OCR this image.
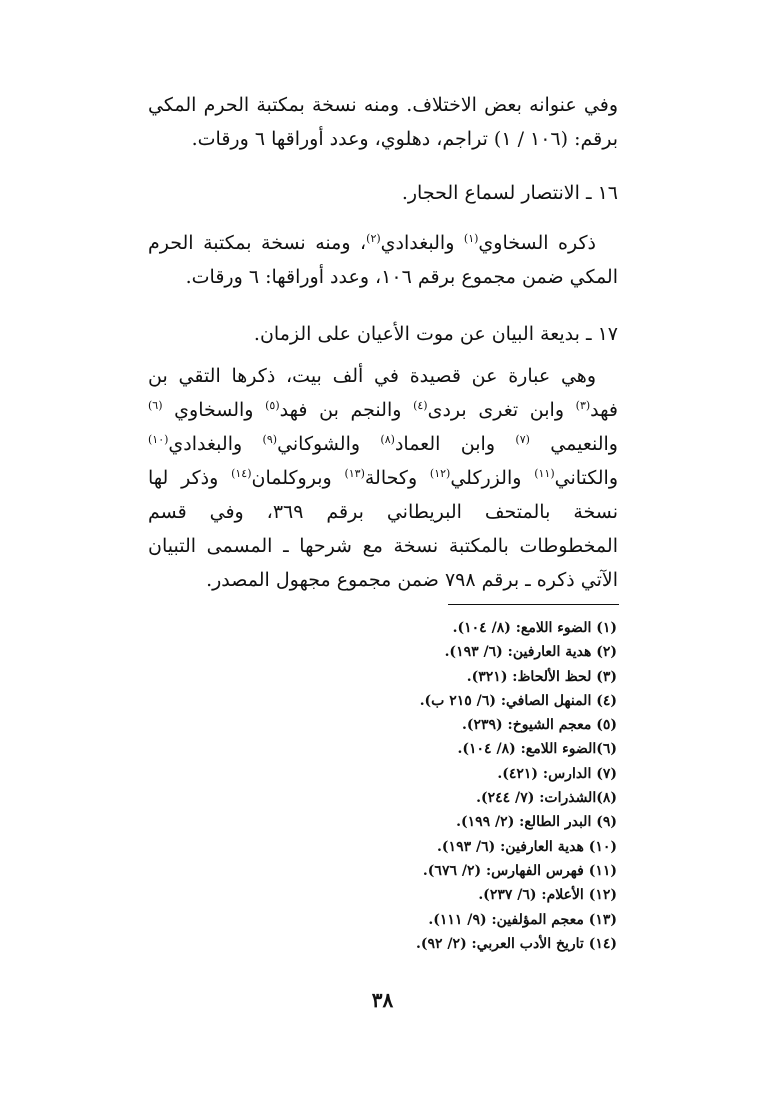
وفي عنوانه بعض الاختلاف. ومنه نسخة بمكتبة الحرم المكي برقم: (١٠٦ / ١) تراجم، دهلوي، وعدد أوراقها ٦ ورقات.

١٦ ـ الانتصار لسماع الحجار.

ذكره السخاوي$^{(١)}$ والبغدادي$^{(٢)}$، ومنه نسخة بمكتبة الحرم المكي ضمن مجموع برقم ١٠٦، وعدد أوراقها: ٦ ورقات.

١٧ ـ بديعة البيان عن موت الأعيان على الزمان.

وهي عبارة عن قصيدة في ألف بيت، ذكرها التقي بن فهد$^{(٣)}$ وابن تغرى بردى$^{(٤)}$ والنجم بن فهد$^{(٥)}$ والسخاوي $^{(٦)}$ والنعيمي $^{(٧)}$ وابن العماد$^{(٨)}$ والشوكاني$^{(٩)}$ والبغدادي$^{(١٠)}$ والكتاني$^{(١١)}$ والزركلي$^{(١٢)}$ وكحالة$^{(١٣)}$ وبروكلمان$^{(١٤)}$ وذكر لها نسخة بالمتحف البريطاني برقم ٣٦٩، وفي قسم المخطوطات بالمكتبة نسخة مع شرحها ـ المسمى التبيان الآتي ذكره ـ برقم ٧٩٨ ضمن مجموع مجهول المصدر.

(١) الضوء اللامع: (٨/ ١٠٤).
(٢) هدية العارفين: (٦/ ١٩٣).
(٣) لحظ الألحاظ: (٣٢١).
(٤) المنهل الصافي: (٦/ ٢١٥ ب).
(٥) معجم الشيوخ: (٢٣٩).
(٦)الضوء اللامع: (٨/ ١٠٤).
(٧) الدارس: (٤٢١).
(٨)الشذرات: (٧/ ٢٤٤).
(٩) البدر الطالع: (٢/ ١٩٩).
(١٠) هدية العارفين: (٦/ ١٩٣).
(١١) فهرس الفهارس: (٢/ ٦٧٦).
(١٢) الأعلام: (٦/ ٢٣٧).
(١٣) معجم المؤلفين: (٩/ ١١١).
(١٤) تاريخ الأدب العربي: (٢/ ٩٢).
٣٨
